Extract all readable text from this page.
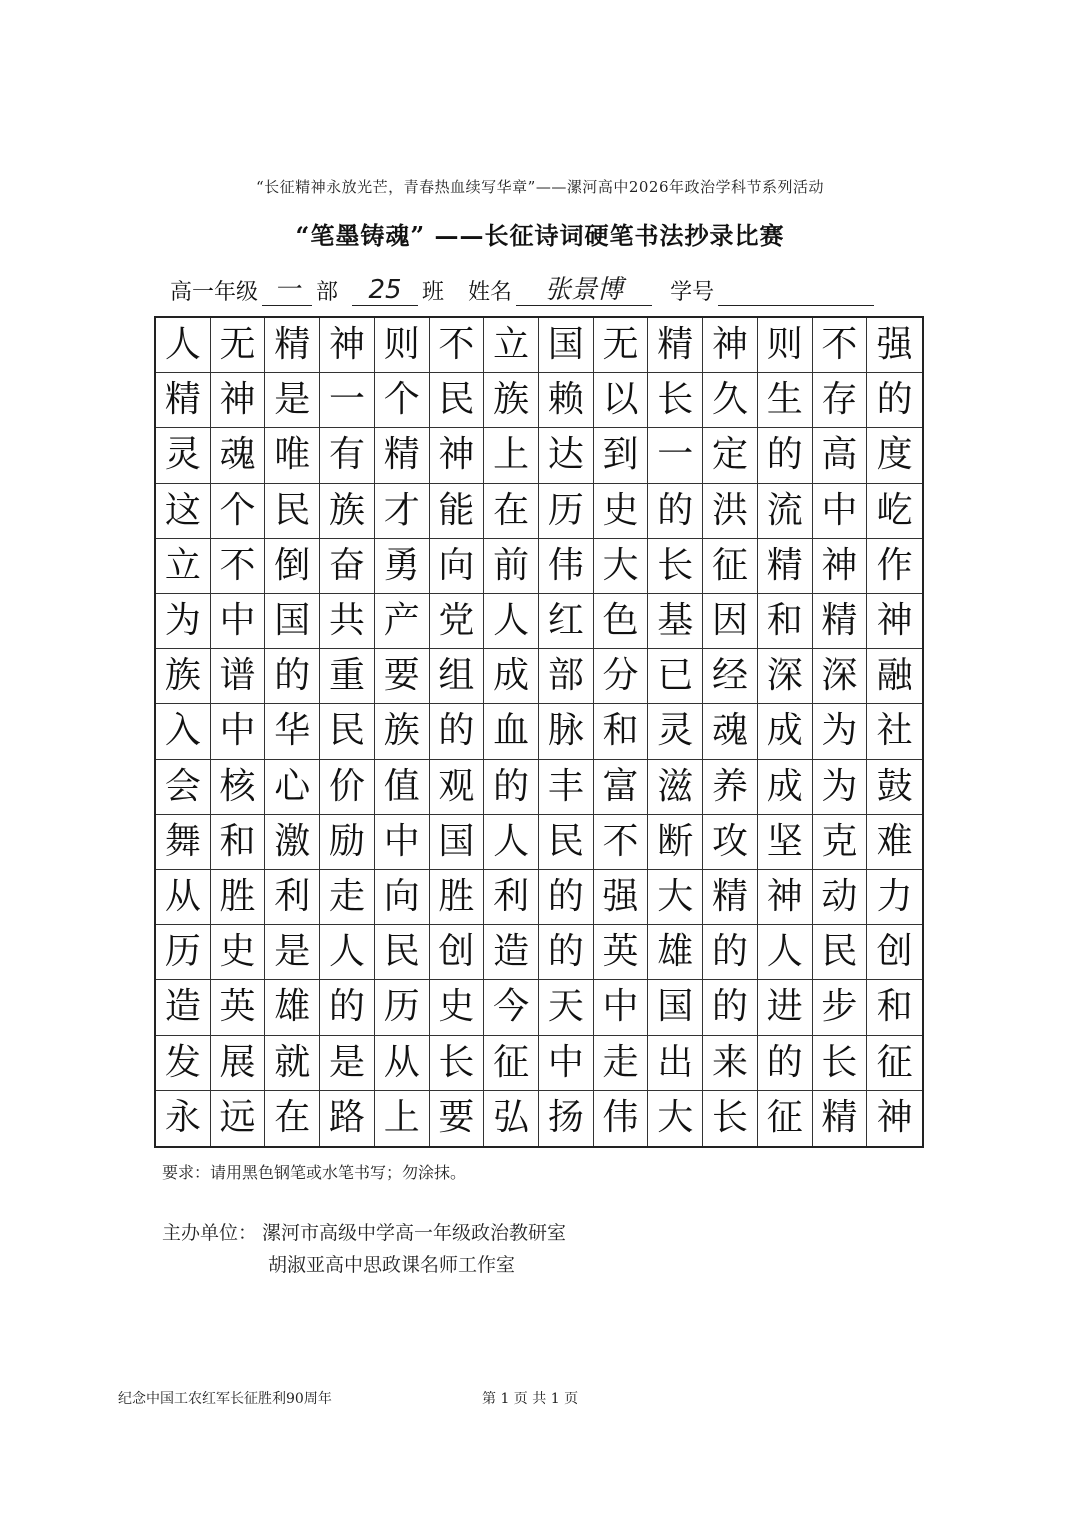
“长征精神永放光芒，青春热血续写华章”——漯河高中2026年政治学科节系列活动
“笔墨铸魂” ——长征诗词硬笔书法抄录比赛
高一年级 一 部	25 班 姓名	张景博	学号
人 无 精 神 则 不 立 国 无 精 神 则 不 强
精 神 是 一 个 民 族 赖 以 长 久 生 存 的
灵 魂 唯 有 精 神 上 达 到 一 定 的 高 度
这 个 民 族 才 能 在 历 史 的 洪 流 中 屹
立 不 倒 奋 勇 向 前 伟 大 长 征 精 神 作
为 中 国 共 产 党 人 红 色 基 因 和 精 神
族 谱 的 重 要 组 成 部 分 已 经 深 深 融
入 中 华 民 族 的 血 脉 和 灵 魂 成 为 社
会 核 心 价 值 观 的 丰 富 滋 养 成 为 鼓
舞 和 激 励 中 国 人 民 不 断 攻 坚 克 难
从 胜 利 走 向 胜 利 的 强 大 精 神 动 力
历 史 是 人 民 创 造 的 英 雄 的 人 民 创
造 英 雄 的 历 史 今 天 中 国 的 进 步 和
发 展 就 是 从 长 征 中 走 出 来 的 长 征
永 远 在 路 上 要 弘 扬 伟 大 长 征 精 神
要求：请用黑色钢笔或水笔书写；勿涂抹。
主办单位： 漯河市高级中学高一年级政治教研室
胡淑亚高中思政课名师工作室
纪念中国工农红军长征胜利90周年	第 1 页 共 1 页
